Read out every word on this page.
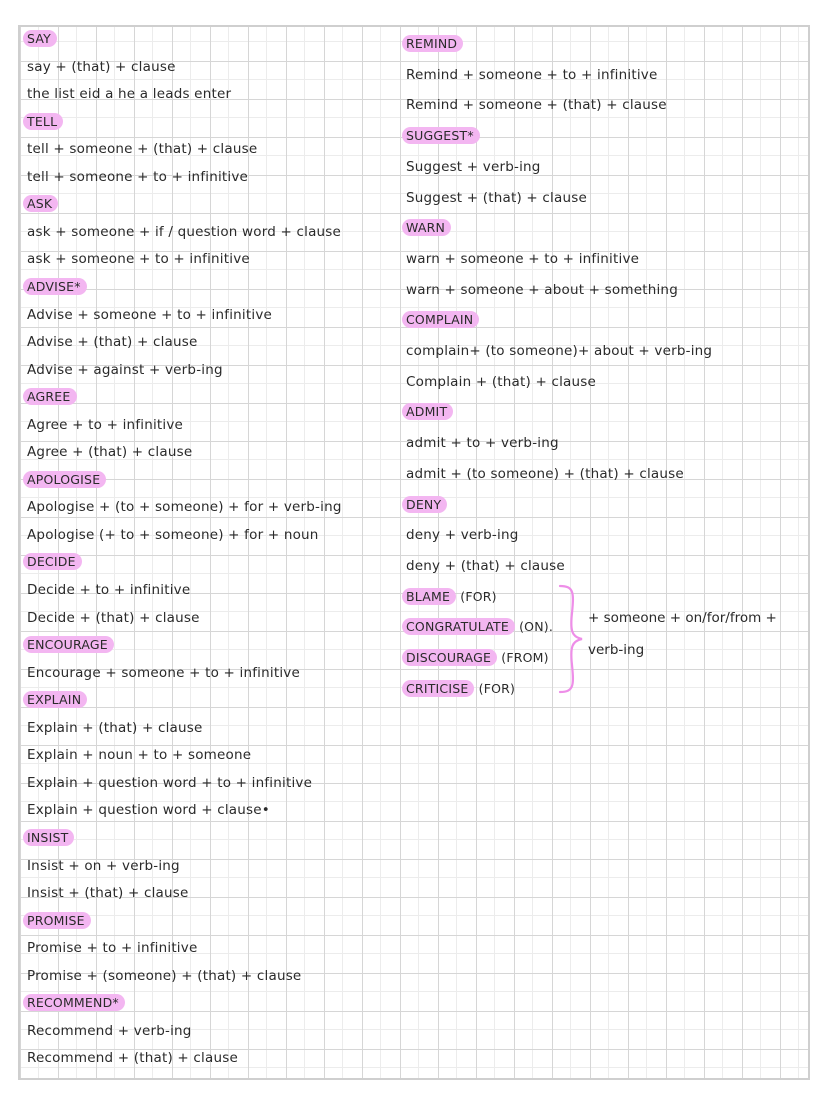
SAY
say + (that) + clause
the list eid a he a leads enter
TELL
tell + someone + (that) + clause
tell + someone + to + infinitive
ASK
ask + someone + if / question word + clause
ask + someone + to + infinitive
ADVISE*
Advise + someone + to + infinitive
Advise + (that) + clause
Advise + against + verb-ing
AGREE
Agree + to + infinitive
Agree + (that) + clause
APOLOGISE
Apologise + (to + someone) + for + verb-ing
Apologise (+ to + someone) + for + noun
DECIDE
Decide + to + infinitive
Decide + (that) + clause
ENCOURAGE
Encourage + someone + to + infinitive
EXPLAIN
Explain + (that) + clause
Explain + noun + to + someone
Explain + question word + to + infinitive
Explain + question word + clause•
INSIST
Insist + on + verb-ing
Insist + (that) + clause
PROMISE
Promise + to + infinitive
Promise + (someone) + (that) + clause
RECOMMEND*
Recommend + verb-ing
Recommend + (that) + clause
REMIND
Remind + someone + to + infinitive
Remind + someone + (that) + clause
SUGGEST*
Suggest + verb-ing
Suggest + (that) + clause
WARN
warn + someone + to + infinitive
warn + someone + about + something
COMPLAIN
complain+ (to someone)+ about + verb-ing
Complain + (that) + clause
ADMIT
admit + to + verb-ing
admit + (to someone) + (that) + clause
DENY
deny + verb-ing
deny + (that) + clause
BLAME (FOR)
CONGRATULATE (ON).
DISCOURAGE (FROM)
CRITICISE (FOR)
+ someone + on/for/from +
verb-ing
